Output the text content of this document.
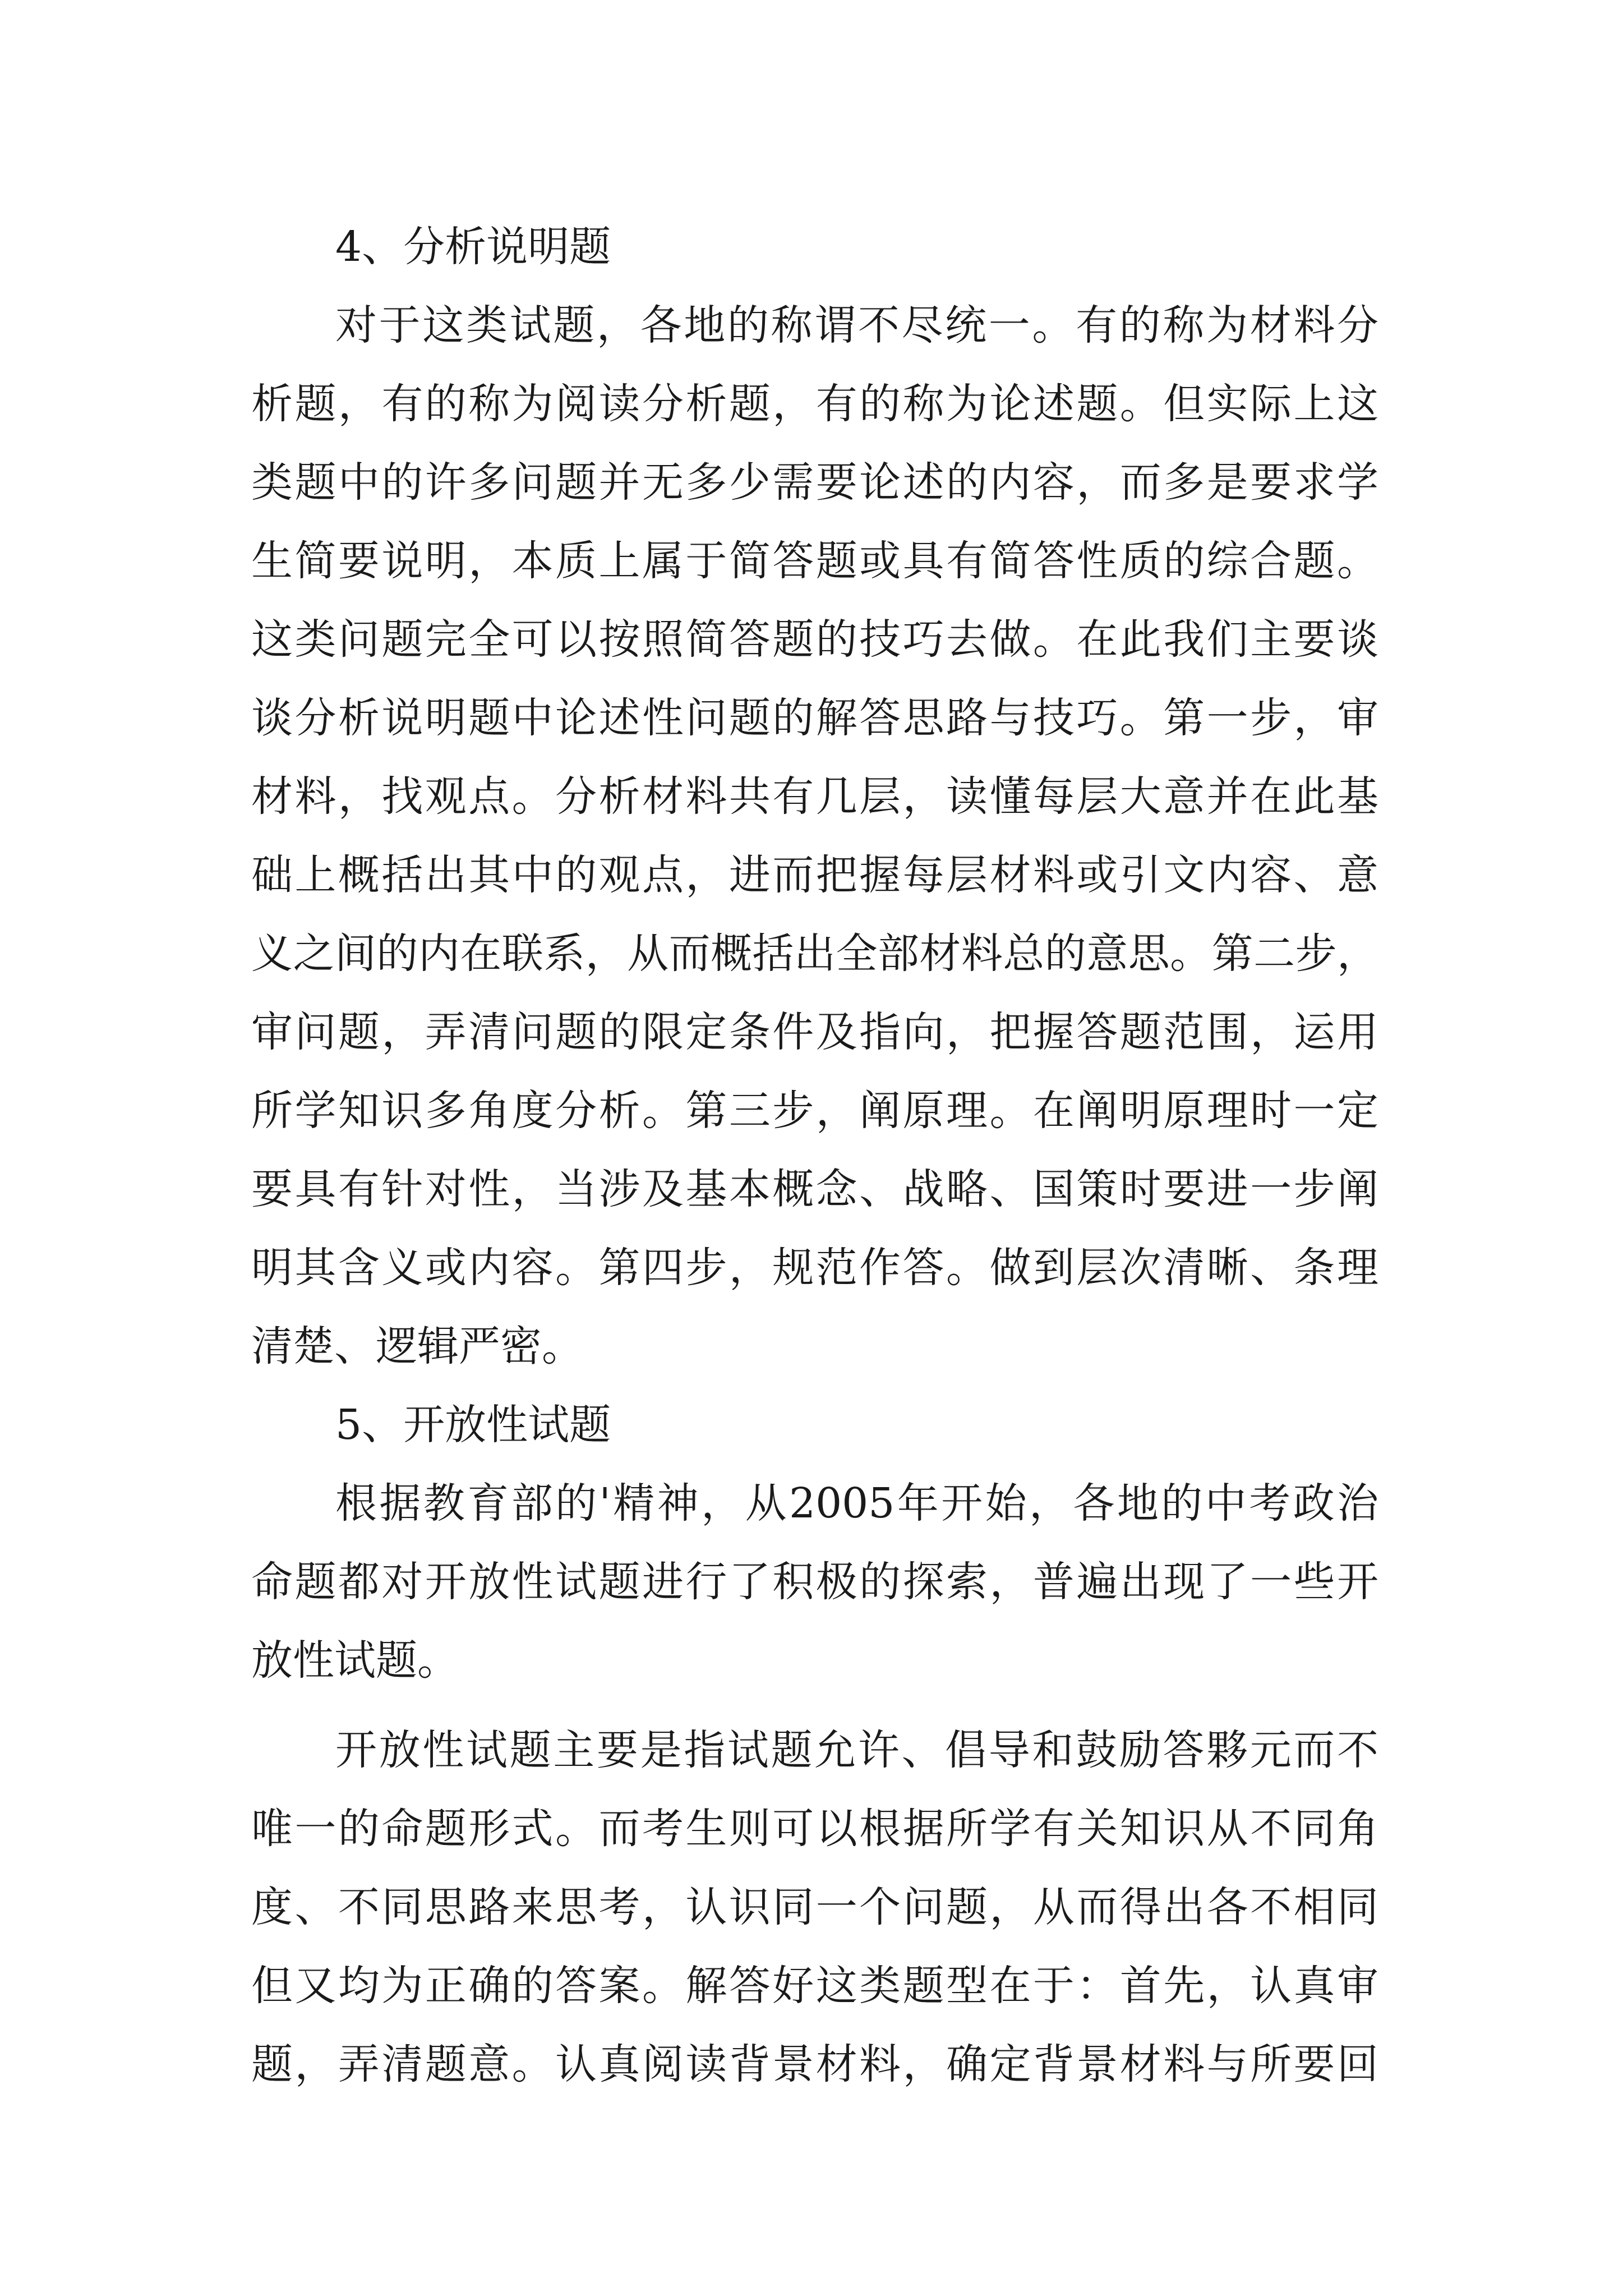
4、分析说明题
对于这类试题，各地的称谓不尽统一。有的称为材料分
析题，有的称为阅读分析题，有的称为论述题。但实际上这
类题中的许多问题并无多少需要论述的内容，而多是要求学
生简要说明，本质上属于简答题或具有简答性质的综合题。
这类问题完全可以按照简答题的技巧去做。在此我们主要谈
谈分析说明题中论述性问题的解答思路与技巧。第一步，审
材料，找观点。分析材料共有几层，读懂每层大意并在此基
础上概括出其中的观点，进而把握每层材料或引文内容、意
义之间的内在联系，从而概括出全部材料总的意思。第二步，
审问题，弄清问题的限定条件及指向，把握答题范围，运用
所学知识多角度分析。第三步，阐原理。在阐明原理时一定
要具有针对性，当涉及基本概念、战略、国策时要进一步阐
明其含义或内容。第四步，规范作答。做到层次清晰、条理
清楚、逻辑严密。
5、开放性试题
根据教育部的'精神，从2005年开始，各地的中考政治
命题都对开放性试题进行了积极的探索，普遍出现了一些开
放性试题。
开放性试题主要是指试题允许、倡导和鼓励答夥元而不
唯一的命题形式。而考生则可以根据所学有关知识从不同角
度、不同思路来思考，认识同一个问题，从而得出各不相同
但又均为正确的答案。解答好这类题型在于：首先，认真审
题，弄清题意。认真阅读背景材料，确定背景材料与所要回
